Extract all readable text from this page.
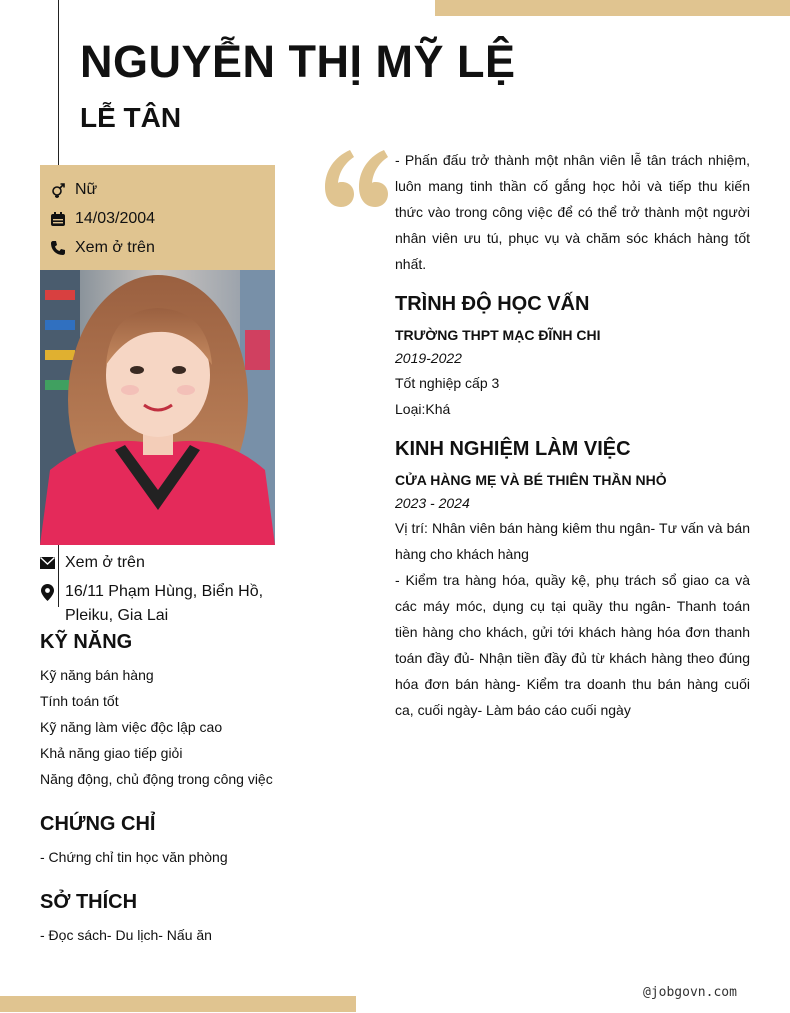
NGUYỄN THỊ MỸ LỆ
LỄ TÂN
Nữ
14/03/2004
Xem ở trên
Xem ở trên
16/11 Phạm Hùng, Biển Hồ, Pleiku, Gia Lai
KỸ NĂNG
Kỹ năng bán hàng
Tính toán tốt
Kỹ năng làm việc độc lập cao
Khả năng giao tiếp giỏi
Năng động, chủ động trong công việc
CHỨNG CHỈ
- Chứng chỉ tin học văn phòng
SỞ THÍCH
- Đọc sách- Du lịch- Nấu ăn
- Phấn đấu trở thành một nhân viên lễ tân trách nhiệm, luôn mang tinh thần cố gắng học hỏi và tiếp thu kiến thức vào trong công việc để có thể trở thành một người nhân viên ưu tú, phục vụ và chăm sóc khách hàng tốt nhất.
TRÌNH ĐỘ HỌC VẤN
TRƯỜNG THPT MẠC ĐĨNH CHI
2019-2022
Tốt nghiệp cấp 3
Loại:Khá
KINH NGHIỆM LÀM VIỆC
CỬA HÀNG MẸ VÀ BÉ THIÊN THẦN NHỎ
2023 - 2024
Vị trí: Nhân viên bán hàng kiêm thu ngân- Tư vấn và bán hàng cho khách hàng
- Kiểm tra hàng hóa, quầy kệ, phụ trách sổ giao ca và các máy móc, dụng cụ tại quầy thu ngân- Thanh toán tiền hàng cho khách, gửi tới khách hàng hóa đơn thanh toán đầy đủ- Nhận tiền đầy đủ từ khách hàng theo đúng hóa đơn bán hàng- Kiểm tra doanh thu bán hàng cuối ca, cuối ngày- Làm báo cáo cuối ngày
@jobgovn.com
